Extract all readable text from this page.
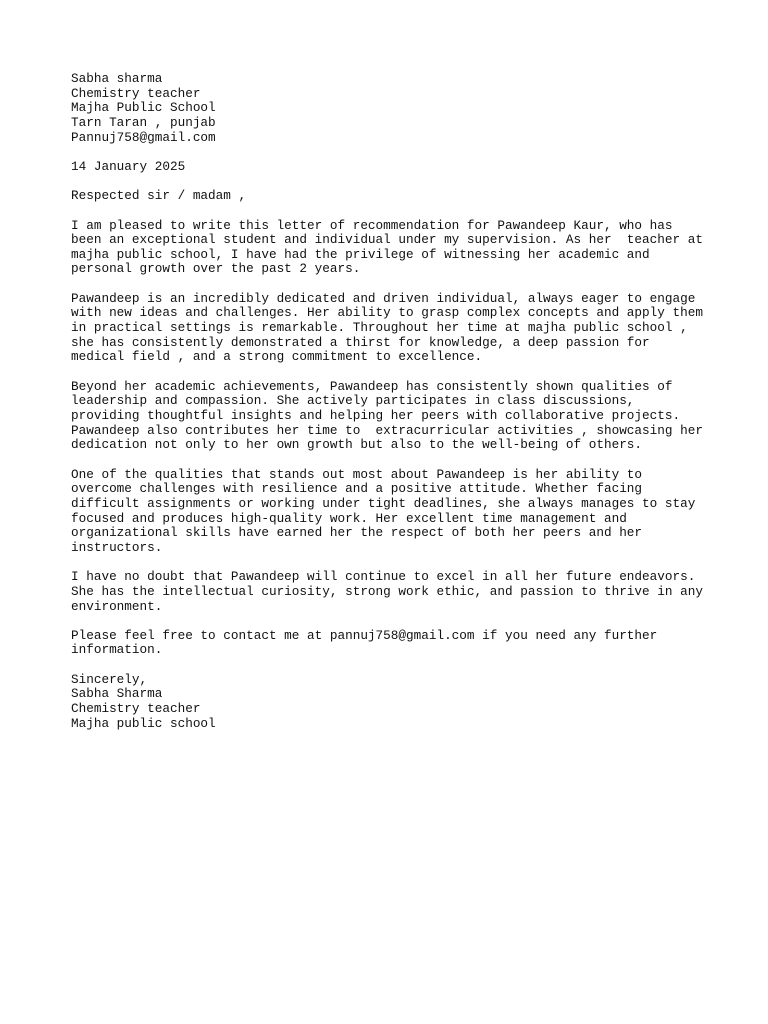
Sabha sharma
Chemistry teacher
Majha Public School
Tarn Taran , punjab
Pannuj758@gmail.com
14 January 2025
Respected sir / madam ,
I am pleased to write this letter of recommendation for Pawandeep Kaur, who has
been an exceptional student and individual under my supervision. As her  teacher at
majha public school, I have had the privilege of witnessing her academic and
personal growth over the past 2 years.
Pawandeep is an incredibly dedicated and driven individual, always eager to engage
with new ideas and challenges. Her ability to grasp complex concepts and apply them
in practical settings is remarkable. Throughout her time at majha public school ,
she has consistently demonstrated a thirst for knowledge, a deep passion for
medical field , and a strong commitment to excellence.
Beyond her academic achievements, Pawandeep has consistently shown qualities of
leadership and compassion. She actively participates in class discussions,
providing thoughtful insights and helping her peers with collaborative projects.
Pawandeep also contributes her time to  extracurricular activities , showcasing her
dedication not only to her own growth but also to the well-being of others.
One of the qualities that stands out most about Pawandeep is her ability to
overcome challenges with resilience and a positive attitude. Whether facing
difficult assignments or working under tight deadlines, she always manages to stay
focused and produces high-quality work. Her excellent time management and
organizational skills have earned her the respect of both her peers and her
instructors.
I have no doubt that Pawandeep will continue to excel in all her future endeavors.
She has the intellectual curiosity, strong work ethic, and passion to thrive in any
environment.
Please feel free to contact me at pannuj758@gmail.com if you need any further
information.
Sincerely,
Sabha Sharma
Chemistry teacher
Majha public school
